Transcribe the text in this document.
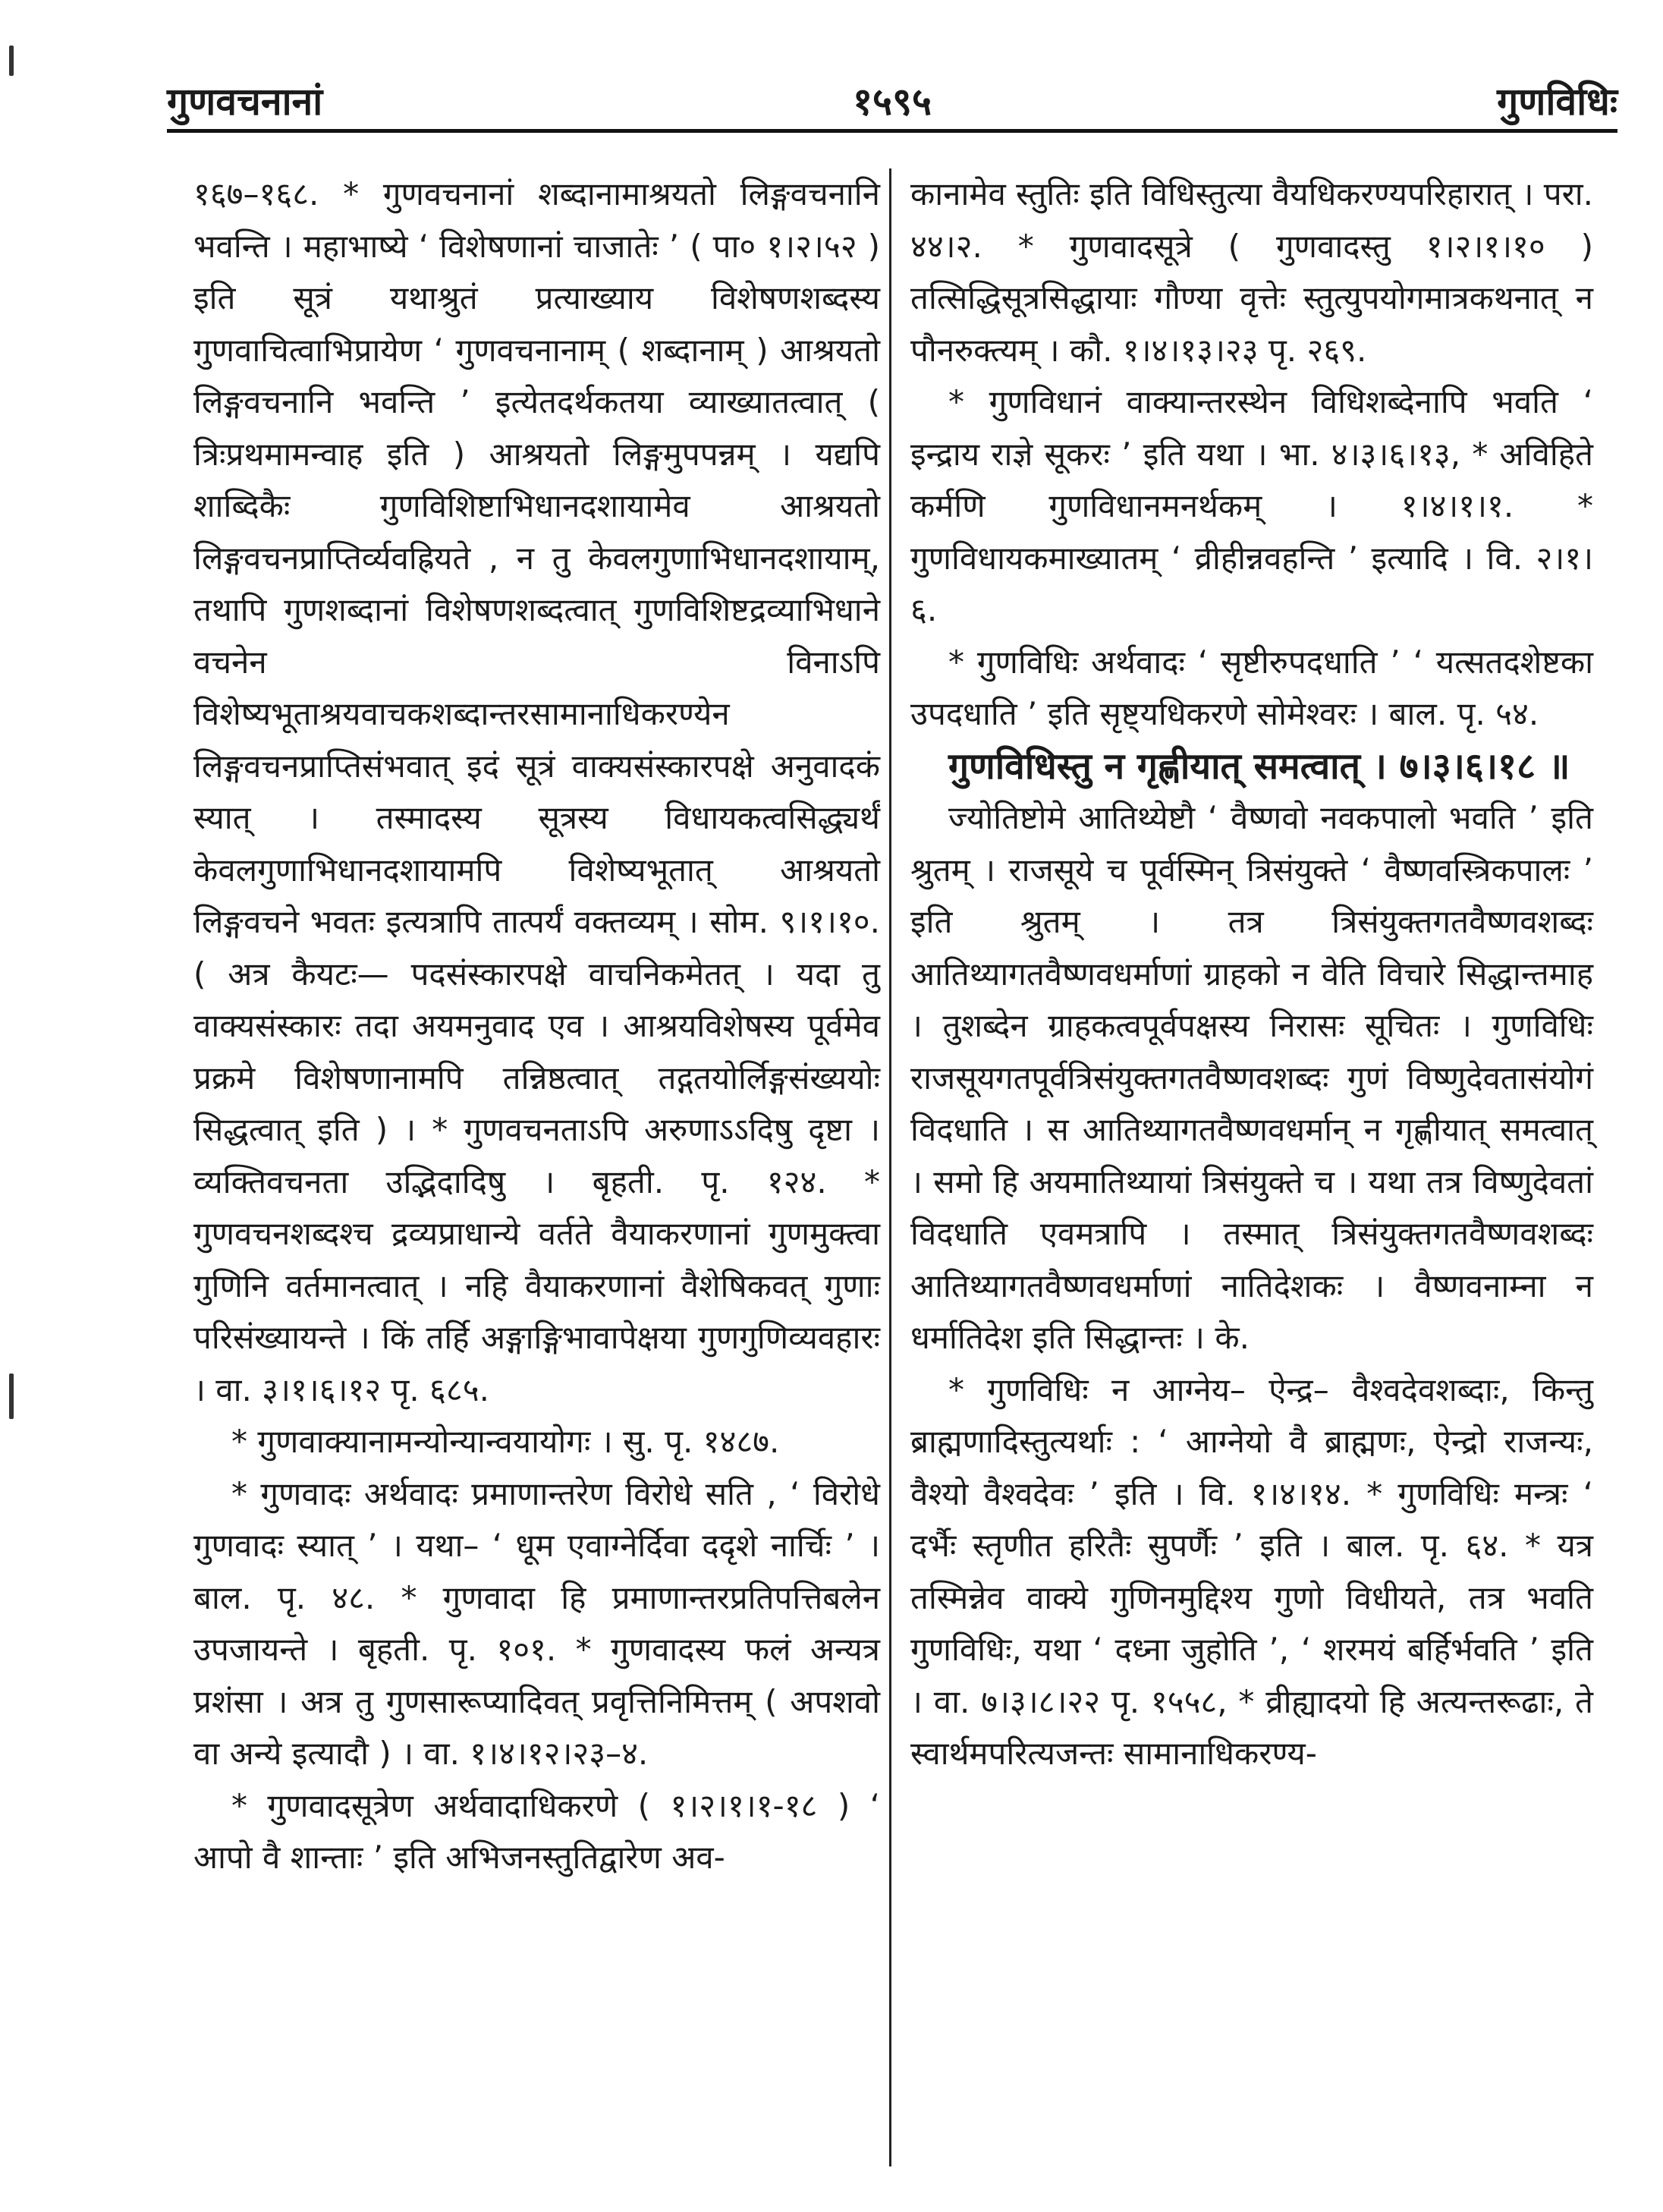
गुणवचनानां	१५९५	गुणविधिः

१६७–१६८. * गुणवचनानां शब्दानामाश्रयतो लिङ्गवचनानि भवन्ति । महाभाष्ये ‘ विशेषणानां चाजातेः ’ ( पा० १।२।५२ ) इति सूत्रं यथाश्रुतं प्रत्याख्याय विशेषणशब्दस्य गुणवाचित्वाभिप्रायेण ‘ गुणवचनानाम् ( शब्दानाम् ) आश्रयतो लिङ्गवचनानि भवन्ति ’ इत्येतदर्थकतया व्याख्यातत्वात् ( त्रिःप्रथमामन्वाह इति ) आश्रयतो लिङ्गमुपपन्नम् । यद्यपि शाब्दिकैः गुणविशिष्टाभिधानदशायामेव आश्रयतो लिङ्गवचनप्राप्तिर्व्यवह्रियते , न तु केवलगुणाभिधानदशायाम्, तथापि गुणशब्दानां विशेषणशब्दत्वात् गुणविशिष्टद्रव्याभिधाने वचनेन विनाऽपि विशेष्यभूताश्रयवाचकशब्दान्तरसामानाधिकरण्येन लिङ्गवचनप्राप्तिसंभवात् इदं सूत्रं वाक्यसंस्कारपक्षे अनुवादकं स्यात् । तस्मादस्य सूत्रस्य विधायकत्वसिद्ध्यर्थं केवलगुणाभिधानदशायामपि विशेष्यभूतात् आश्रयतो लिङ्गवचने भवतः इत्यत्रापि तात्पर्यं वक्तव्यम् । सोम. ९।१।१०. ( अत्र कैयटः— पदसंस्कारपक्षे वाचनिकमेतत् । यदा तु वाक्यसंस्कारः तदा अयमनुवाद एव । आश्रयविशेषस्य पूर्वमेव प्रक्रमे विशेषणानामपि तन्निष्ठत्वात् तद्गतयोर्लिङ्गसंख्ययोः सिद्धत्वात् इति ) । * गुणवचनताऽपि अरुणाऽऽदिषु दृष्टा । व्यक्तिवचनता उद्भिदादिषु । बृहती. पृ. १२४. * गुणवचनशब्दश्च द्रव्यप्राधान्ये वर्तते वैयाकरणानां गुणमुक्त्वा गुणिनि वर्तमानत्वात् । नहि वैयाकरणानां वैशेषिकवत् गुणाः परिसंख्यायन्ते । किं तर्हि अङ्गाङ्गिभावापेक्षया गुणगुणिव्यवहारः । वा. ३।१।६।१२ पृ. ६८५.

* गुणवाक्यानामन्योन्यान्वयायोगः । सु. पृ. १४८७.

* गुणवादः अर्थवादः प्रमाणान्तरेण विरोधे सति , ‘ विरोधे गुणवादः स्यात् ’ । यथा– ‘ धूम एवाग्नेर्दिवा ददृशे नार्चिः ’ । बाल. पृ. ४८. * गुणवादा हि प्रमाणान्तरप्रतिपत्तिबलेन उपजायन्ते । बृहती. पृ. १०१. * गुणवादस्य फलं अन्यत्र प्रशंसा । अत्र तु गुणसारूप्यादिवत् प्रवृत्तिनिमित्तम् ( अपशवो वा अन्ये इत्यादौ ) । वा. १।४।१२।२३–४.

* गुणवादसूत्रेण अर्थवादाधिकरणे ( १।२।१।१-१८ ) ‘ आपो वै शान्ताः ’ इति अभिजनस्तुतिद्वारेण अव-

कानामेव स्तुतिः इति विधिस्तुत्या वैयधिकरण्यपरिहारात् । परा. ४४।२. * गुणवादसूत्रे ( गुणवादस्तु १।२।१।१० ) तत्सिद्धिसूत्रसिद्धायाः गौण्या वृत्तेः स्तुत्युपयोगमात्रकथनात् न पौनरुक्त्यम् । कौ. १।४।१३।२३ पृ. २६९.

* गुणविधानं वाक्यान्तरस्थेन विधिशब्देनापि भवति ‘ इन्द्राय राज्ञे सूकरः ’ इति यथा । भा. ४।३।६।१३, * अविहिते कर्मणि गुणविधानमनर्थकम् । १।४।१।१. * गुणविधायकमाख्यातम् ‘ व्रीहीन्नवहन्ति ’ इत्यादि । वि. २।१।६.

* गुणविधिः अर्थवादः ‘ सृष्टीरुपदधाति ’ ‘ यत्सतदशेष्टका उपदधाति ’ इति सृष्ट्यधिकरणे सोमेश्वरः । बाल. पृ. ५४.

गुणविधिस्तु न गृह्णीयात् समत्वात् । ७।३।६।१८ ॥

ज्योतिष्टोमे आतिथ्येष्टौ ‘ वैष्णवो नवकपालो भवति ’ इति श्रुतम् । राजसूये च पूर्वस्मिन् त्रिसंयुक्ते ‘ वैष्णवस्त्रिकपालः ’ इति श्रुतम् । तत्र त्रिसंयुक्तगतवैष्णवशब्दः आतिथ्यागतवैष्णवधर्माणां ग्राहको न वेति विचारे सिद्धान्तमाह । तुशब्देन ग्राहकत्वपूर्वपक्षस्य निरासः सूचितः । गुणविधिः राजसूयगतपूर्वत्रिसंयुक्तगतवैष्णवशब्दः गुणं विष्णुदेवतासंयोगं विदधाति । स आतिथ्यागतवैष्णवधर्मान् न गृह्णीयात् समत्वात् । समो हि अयमातिथ्यायां त्रिसंयुक्ते च । यथा तत्र विष्णुदेवतां विदधाति एवमत्रापि । तस्मात् त्रिसंयुक्तगतवैष्णवशब्दः आतिथ्यागतवैष्णवधर्माणां नातिदेशकः । वैष्णवनाम्ना न धर्मातिदेश इति सिद्धान्तः । के.

* गुणविधिः न आग्नेय– ऐन्द्र– वैश्वदेवशब्दाः, किन्तु ब्राह्मणादिस्तुत्यर्थाः : ‘ आग्नेयो वै ब्राह्मणः, ऐन्द्रो राजन्यः, वैश्यो वैश्वदेवः ’ इति । वि. १।४।१४. * गुणविधिः मन्त्रः ‘ दर्भैः स्तृणीत हरितैः सुपर्णैः ’ इति । बाल. पृ. ६४. * यत्र तस्मिन्नेव वाक्ये गुणिनमुद्दिश्य गुणो विधीयते, तत्र भवति गुणविधिः, यथा ‘ दध्ना जुहोति ’, ‘ शरमयं बर्हिर्भवति ’ इति । वा. ७।३।८।२२ पृ. १५५८, * व्रीह्यादयो हि अत्यन्तरूढाः, ते स्वार्थमपरित्यजन्तः सामानाधिकरण्य-
